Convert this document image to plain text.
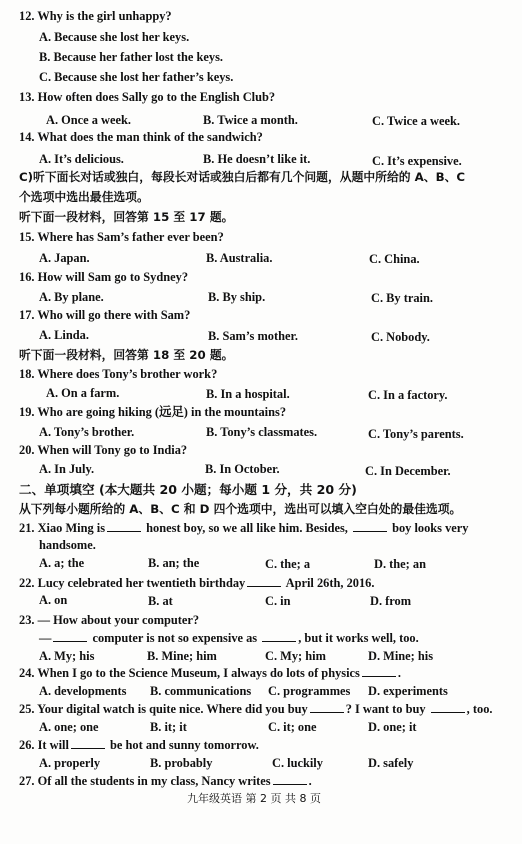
12. Why is the girl unhappy?
A. Because she lost her keys.
B. Because her father lost the keys.
C. Because she lost her father’s keys.
13. How often does Sally go to the English Club?
14. What does the man think of the sandwich?
C)听下面长对话或独白，每段长对话或独白后都有几个问题，从题中所给的 A、B、C
个选项中选出最佳选项。
听下面一段材料，回答第 15 至 17 题。
15. Where has Sam’s father ever been?
16. How will Sam go to Sydney?
17. Who will go there with Sam?
听下面一段材料，回答第 18 至 20 题。
18. Where does Tony’s brother work?
19. Who are going hiking (远足) in the mountains?
20. When will Tony go to India?
二、单项填空 (本大题共 20 小题；每小题 1 分，共 20 分)
从下列每小题所给的 A、B、C 和 D 四个选项中，选出可以填入空白处的最佳选项。
21. Xiao Ming is	honest boy, so we all like him. Besides,	boy looks very
handsome.
22. Lucy celebrated her twentieth birthday	April 26th, 2016.
23. — How about your computer?
—	computer is not so expensive as	, but it works well, too.
24. When I go to the Science Museum, I always do lots of physics	.
25. Your digital watch is quite nice. Where did you buy	? I want to buy	, too.
26. It will	be hot and sunny tomorrow.
27. Of all the students in my class, Nancy writes	.
A. Once a week.	B. Twice a month.	C. Twice a week.
A. It’s delicious.	B. He doesn’t like it.	C. It’s expensive.
A. Japan.	B. Australia.	C. China.
A. By plane.	B. By ship.	C. By train.
A. Linda.	B. Sam’s mother.	C. Nobody.
A. On a farm.	B. In a hospital.	C. In a factory.
A. Tony’s brother.	B. Tony’s classmates.	C. Tony’s parents.
A. In July.	B. In October.	C. In December.
A. a; the	B. an; the	C. the; a	D. the; an
A. on	B. at	C. in	D. from
A. My; his	B. Mine; him	C. My; him	D. Mine; his
A. developments B. communications C. programmes D. experiments
A. one; one	B. it; it	C. it; one	D. one; it
A. properly	B. probably	C. luckily	D. safely
九年级英语 第 2 页 共 8 页
